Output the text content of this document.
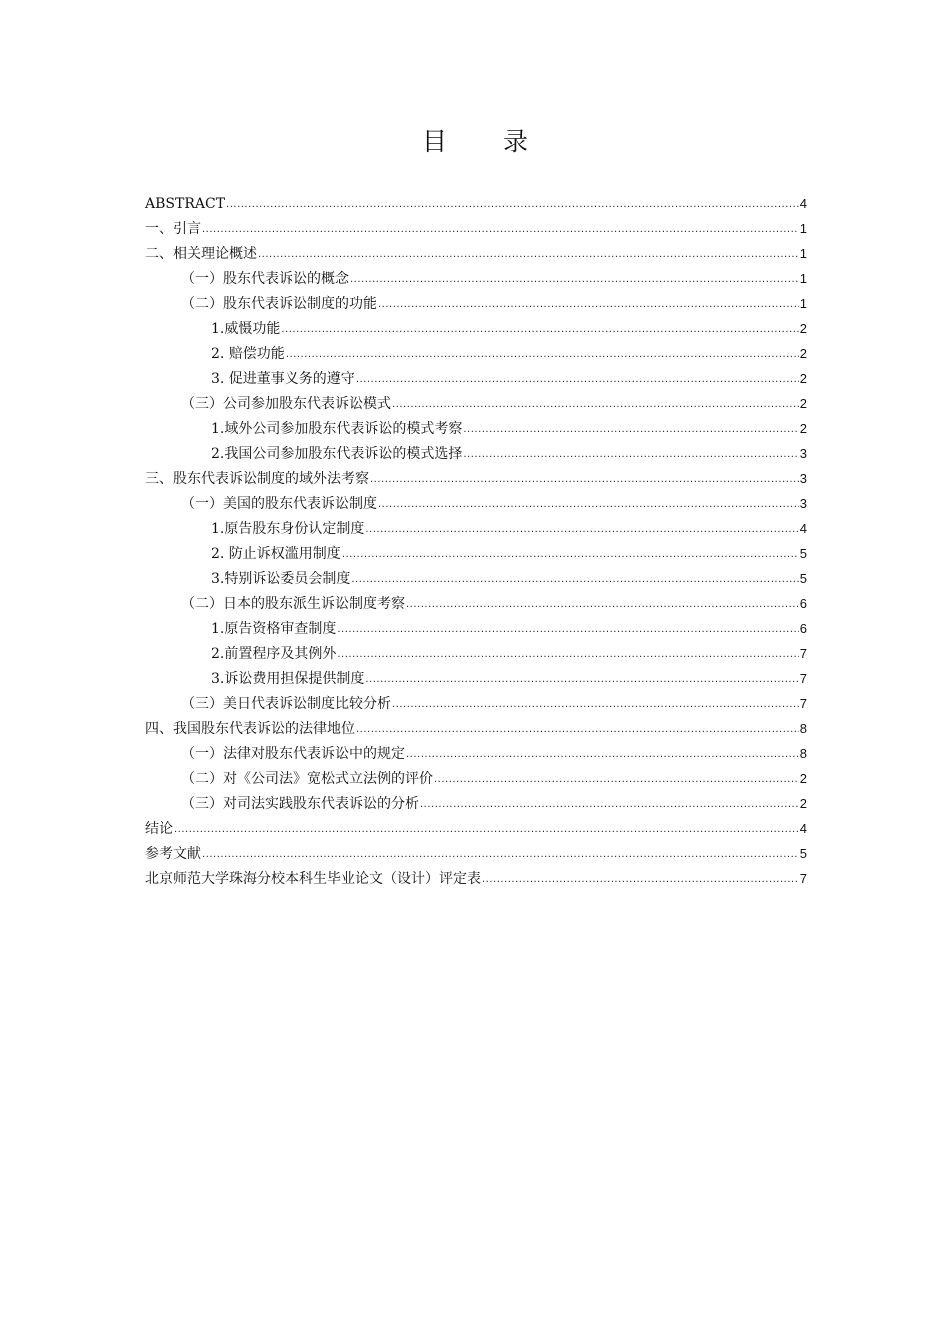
目 录
ABSTRACT .....	4
一、引言 .....	1
二、相关理论概述 .....	1
（一）股东代表诉讼的概念 .....	1
（二）股东代表诉讼制度的功能 .....	1
1.威慑功能 .....	2
2. 赔偿功能 .....	2
3. 促进董事义务的遵守 .....	2
（三）公司参加股东代表诉讼模式 .....	2
1.域外公司参加股东代表诉讼的模式考察 .....	2
2.我国公司参加股东代表诉讼的模式选择 .....	3
三、股东代表诉讼制度的域外法考察 .....	3
（一）美国的股东代表诉讼制度 .....	3
1.原告股东身份认定制度 .....	4
2. 防止诉权滥用制度 .....	5
3.特别诉讼委员会制度 .....	5
（二）日本的股东派生诉讼制度考察 .....	6
1.原告资格审查制度 .....	6
2.前置程序及其例外 .....	7
3.诉讼费用担保提供制度 .....	7
（三）美日代表诉讼制度比较分析 .....	7
四、我国股东代表诉讼的法律地位 .....	8
（一）法律对股东代表诉讼中的规定 .....	8
（二）对《公司法》宽松式立法例的评价 .....	2
（三）对司法实践股东代表诉讼的分析 .....	2
结论 .....	4
参考文献 .....	5
北京师范大学珠海分校本科生毕业论文（设计）评定表 .....	7
